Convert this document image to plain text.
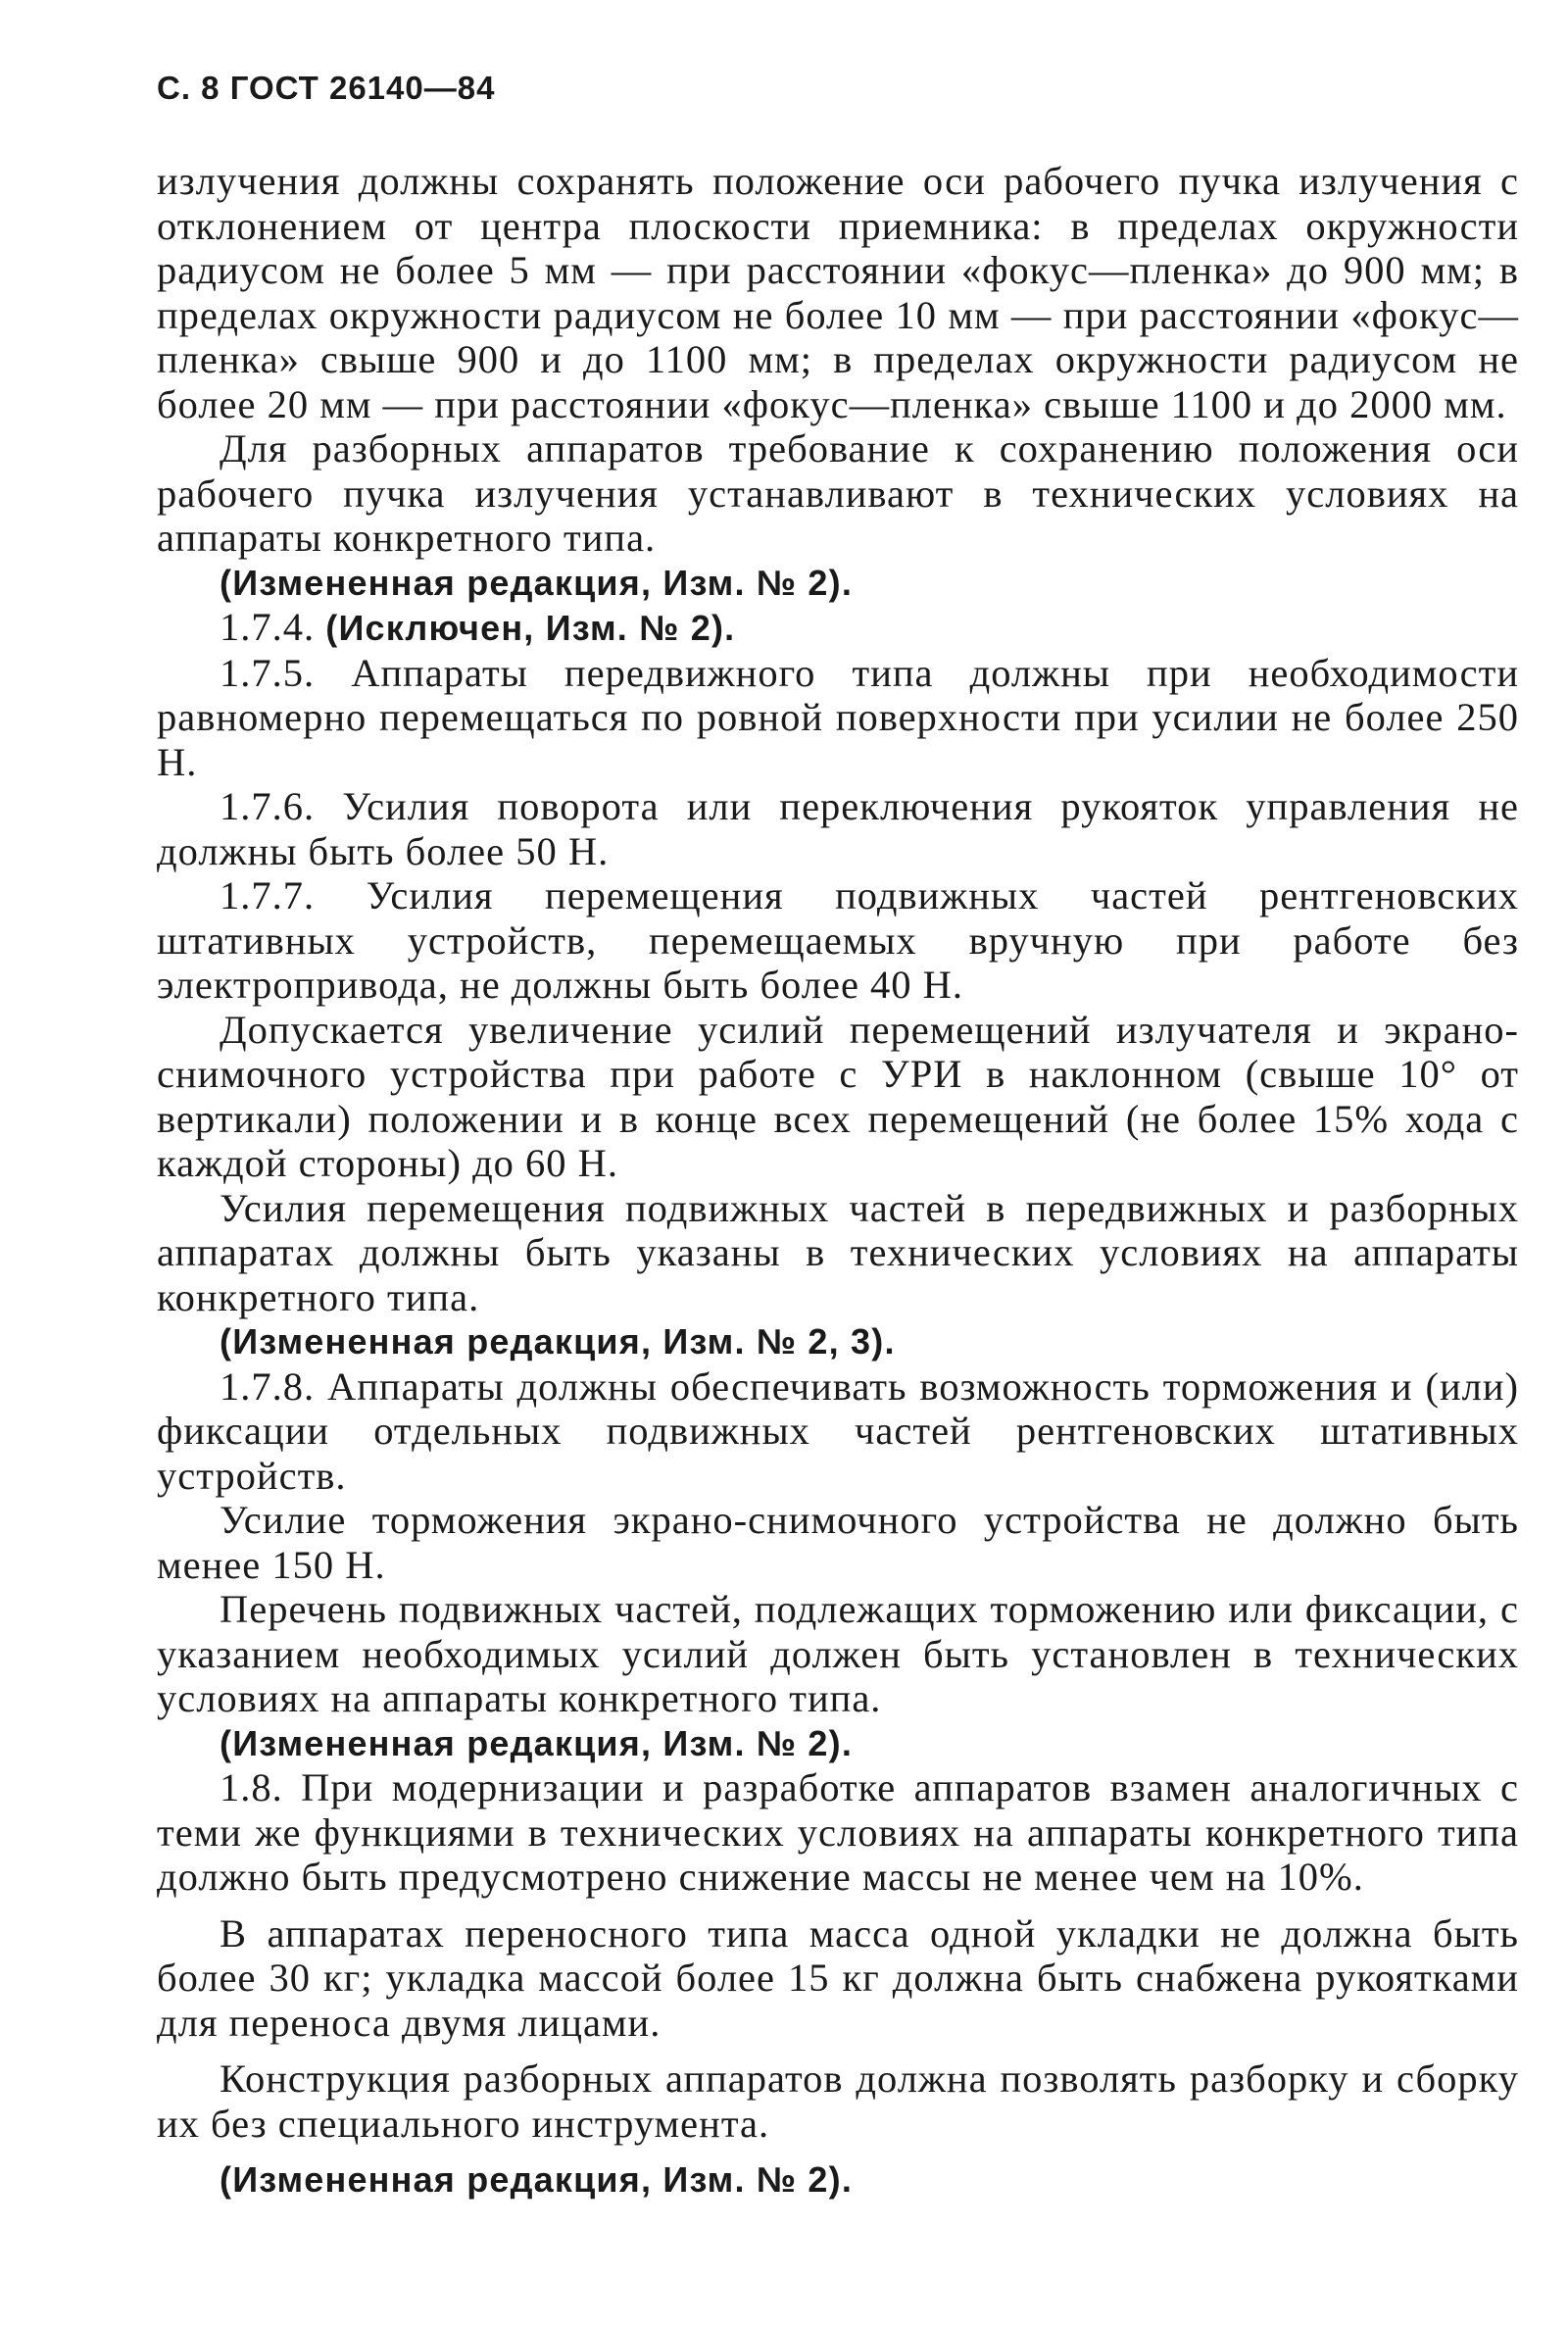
С. 8 ГОСТ 26140—84

излучения должны сохранять положение оси рабочего пучка излучения с отклонением от центра плоскости приемника: в пределах окружности радиусом не более 5 мм — при расстоянии «фокус—пленка» до 900 мм; в пределах окружности радиусом не более 10 мм — при расстоянии «фокус—пленка» свыше 900 и до 1100 мм; в пределах окружности радиусом не более 20 мм — при расстоянии «фокус—пленка» свыше 1100 и до 2000 мм.

Для разборных аппаратов требование к сохранению положения оси рабочего пучка излучения устанавливают в технических условиях на аппараты конкретного типа.

(Измененная редакция, Изм. № 2).

1.7.4. (Исключен, Изм. № 2).

1.7.5. Аппараты передвижного типа должны при необходимости равномерно перемещаться по ровной поверхности при усилии не более 250 Н.

1.7.6. Усилия поворота или переключения рукояток управления не должны быть более 50 Н.

1.7.7. Усилия перемещения подвижных частей рентгеновских штативных устройств, перемещаемых вручную при работе без электропривода, не должны быть более 40 Н.

Допускается увеличение усилий перемещений излучателя и экрано-снимочного устройства при работе с УРИ в наклонном (свыше 10° от вертикали) положении и в конце всех перемещений (не более 15% хода с каждой стороны) до 60 Н.

Усилия перемещения подвижных частей в передвижных и разборных аппаратах должны быть указаны в технических условиях на аппараты конкретного типа.

(Измененная редакция, Изм. № 2, 3).

1.7.8. Аппараты должны обеспечивать возможность торможения и (или) фиксации отдельных подвижных частей рентгеновских штативных устройств.

Усилие торможения экрано-снимочного устройства не должно быть менее 150 Н.

Перечень подвижных частей, подлежащих торможению или фиксации, с указанием необходимых усилий должен быть установлен в технических условиях на аппараты конкретного типа.

(Измененная редакция, Изм. № 2).

1.8. При модернизации и разработке аппаратов взамен аналогичных с теми же функциями в технических условиях на аппараты конкретного типа должно быть предусмотрено снижение массы не менее чем на 10%.

В аппаратах переносного типа масса одной укладки не должна быть более 30 кг; укладка массой более 15 кг должна быть снабжена рукоятками для переноса двумя лицами.

Конструкция разборных аппаратов должна позволять разборку и сборку их без специального инструмента.

(Измененная редакция, Изм. № 2).
